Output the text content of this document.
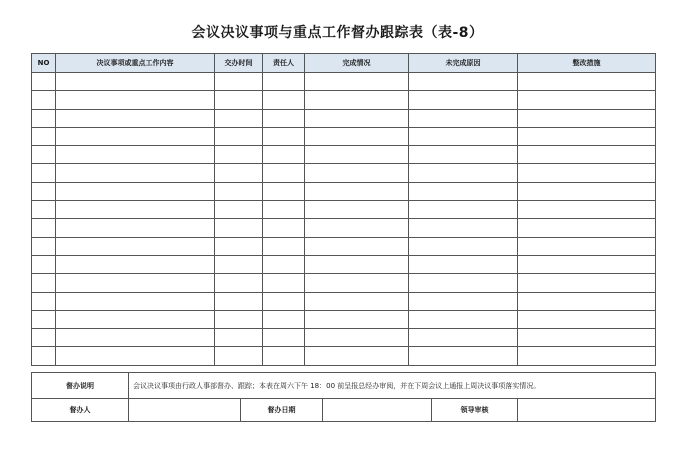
会议决议事项与重点工作督办跟踪表（表-8）
NO	决议事项或重点工作内容	交办时间	责任人	完成情况	未完成原因	整改措施

督办说明	会议决议事项由行政人事部督办、跟踪；本表在周六下午 18：00 前呈报总经办审阅，并在下周会议上通报上周决议事项落实情况。				
督办人		督办日期		领导审核	
